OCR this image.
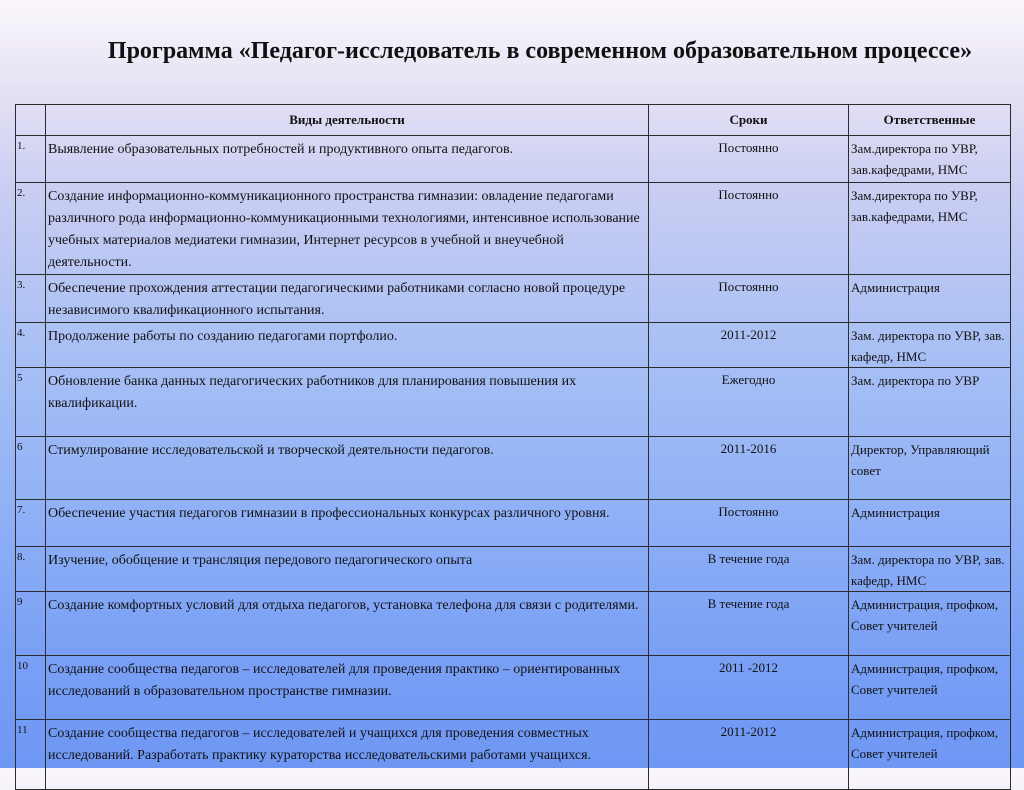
Программа «Педагог-исследователь в современном образовательном процессе»
	Виды деятельности	Сроки	Ответственные
1.	Выявление образовательных потребностей и продуктивного опыта педагогов.	Постоянно	Зам.директора по УВР, зав.кафедрами, НМС
2.	Создание информационно-коммуникационного пространства гимназии: овладение педагогами различного рода информационно-коммуникационными технологиями, интенсивное использование учебных материалов медиатеки гимназии, Интернет ресурсов в учебной и внеучебной деятельности.	Постоянно	Зам.директора по УВР, зав.кафедрами, НМС
3.	Обеспечение прохождения аттестации педагогическими работниками согласно новой процедуре независимого квалификационного испытания.	Постоянно	Администрация
4.	Продолжение работы по созданию педагогами портфолио.	2011-2012	Зам. директора по УВР, зав. кафедр, НМС
5	Обновление банка данных педагогических работников для планирования повышения их квалификации.	Ежегодно	Зам. директора по УВР
6	Стимулирование исследовательской и творческой деятельности педагогов.	2011-2016	Директор, Управляющий совет
7.	Обеспечение участия педагогов гимназии в профессиональных конкурсах различного уровня.	Постоянно	Администрация
8.	Изучение, обобщение и трансляция передового педагогического опыта	В течение года	Зам. директора по УВР, зав. кафедр, НМС
9	Создание комфортных условий для отдыха педагогов, установка телефона для связи с родителями.	В течение года	Администрация, профком, Совет учителей
10	Создание сообщества педагогов – исследователей для проведения практико – ориентированных исследований в образовательном пространстве гимназии.	2011 -2012	Администрация, профком, Совет учителей
11	Создание сообщества педагогов – исследователей и учащихся для проведения совместных исследований. Разработать практику кураторства исследовательскими работами учащихся.	2011-2012	Администрация, профком, Совет учителей
